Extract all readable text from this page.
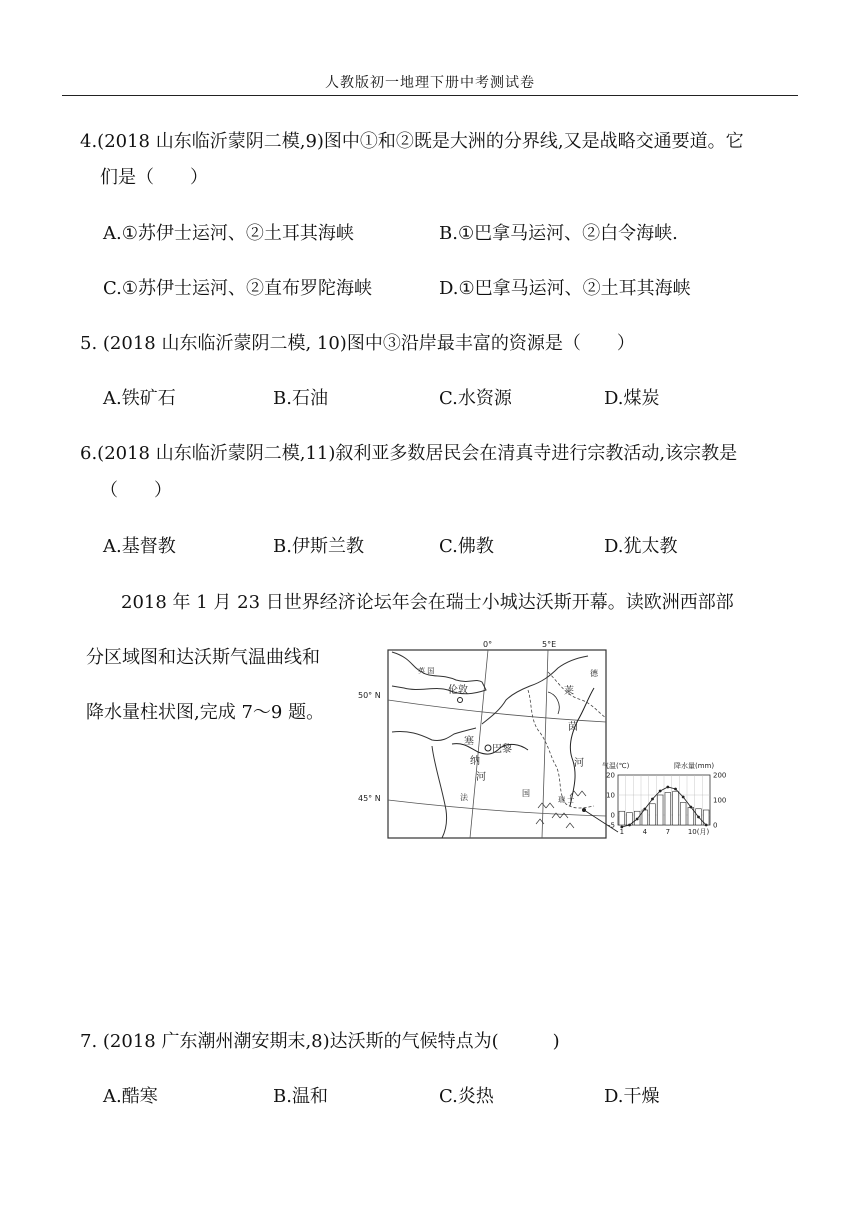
人教版初一地理下册中考测试卷
4.(2018 山东临沂蒙阴二模,9)图中①和②既是大洲的分界线,又是战略交通要道。它
们是（　　）
A.①苏伊士运河、②土耳其海峡	B.①巴拿马运河、②白令海峡.
C.①苏伊士运河、②直布罗陀海峡	D.①巴拿马运河、②土耳其海峡
5. (2018 山东临沂蒙阴二模, 10)图中③沿岸最丰富的资源是（　　）
A.铁矿石	B.石油	C.水资源	D.煤炭
6.(2018 山东临沂蒙阴二模,11)叙利亚多数居民会在清真寺进行宗教活动,该宗教是
（　　）
A.基督教	B.伊斯兰教	C.佛教	D.犹太教
2018 年 1 月 23 日世界经济论坛年会在瑞士小城达沃斯开幕。读欧洲西部部
分区域图和达沃斯气温曲线和
降水量柱状图,完成 7～9 题。
0°	5°E
50° N
45° N
英 国
伦敦
巴黎
塞
纳
河
法	国
莱
茵
河
德
瑞 士
气温(℃)	降水量(mm)
20
10
0
-5
200
100
0
1	4	7	10(月)
7. (2018 广东潮州潮安期末,8)达沃斯的气候特点为(　　　)
A.酷寒	B.温和	C.炎热	D.干燥
